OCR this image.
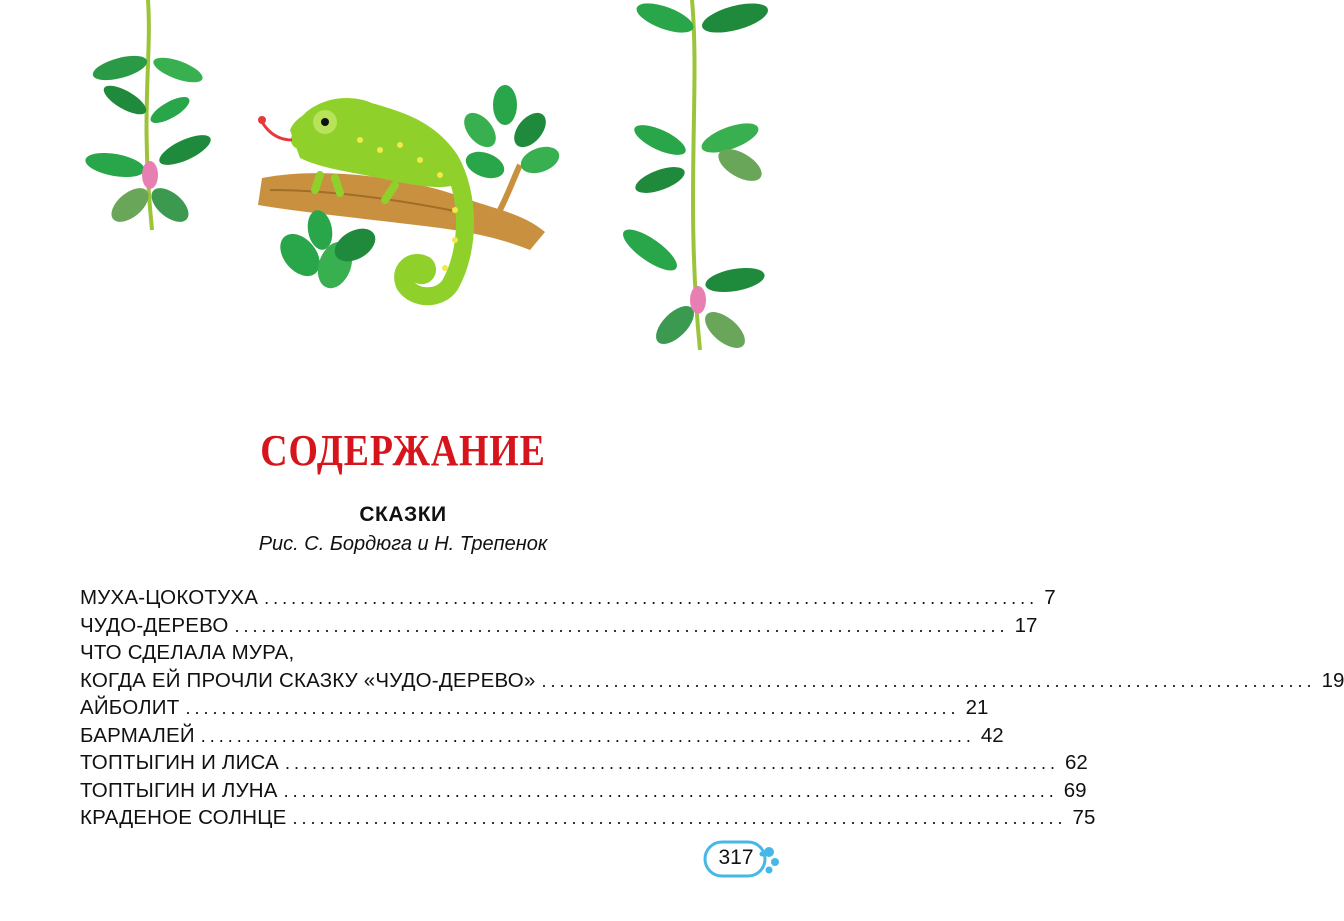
СОДЕРЖАНИЕ
СКАЗКИ
Рис. С. Бордюга и Н. Трепенок
МУХА-ЦОКОТУХА ...................................................................................... 7
ЧУДО-ДЕРЕВО ...................................................................................... 17
ЧТО СДЕЛАЛА МУРА,
КОГДА ЕЙ ПРОЧЛИ СКАЗКУ «ЧУДО-ДЕРЕВО» ...................................................................................... 19
АЙБОЛИТ ...................................................................................... 21
БАРМАЛЕЙ ...................................................................................... 42
ТОПТЫГИН И ЛИСА ...................................................................................... 62
ТОПТЫГИН И ЛУНА ...................................................................................... 69
КРАДЕНОЕ СОЛНЦЕ ...................................................................................... 75
317
